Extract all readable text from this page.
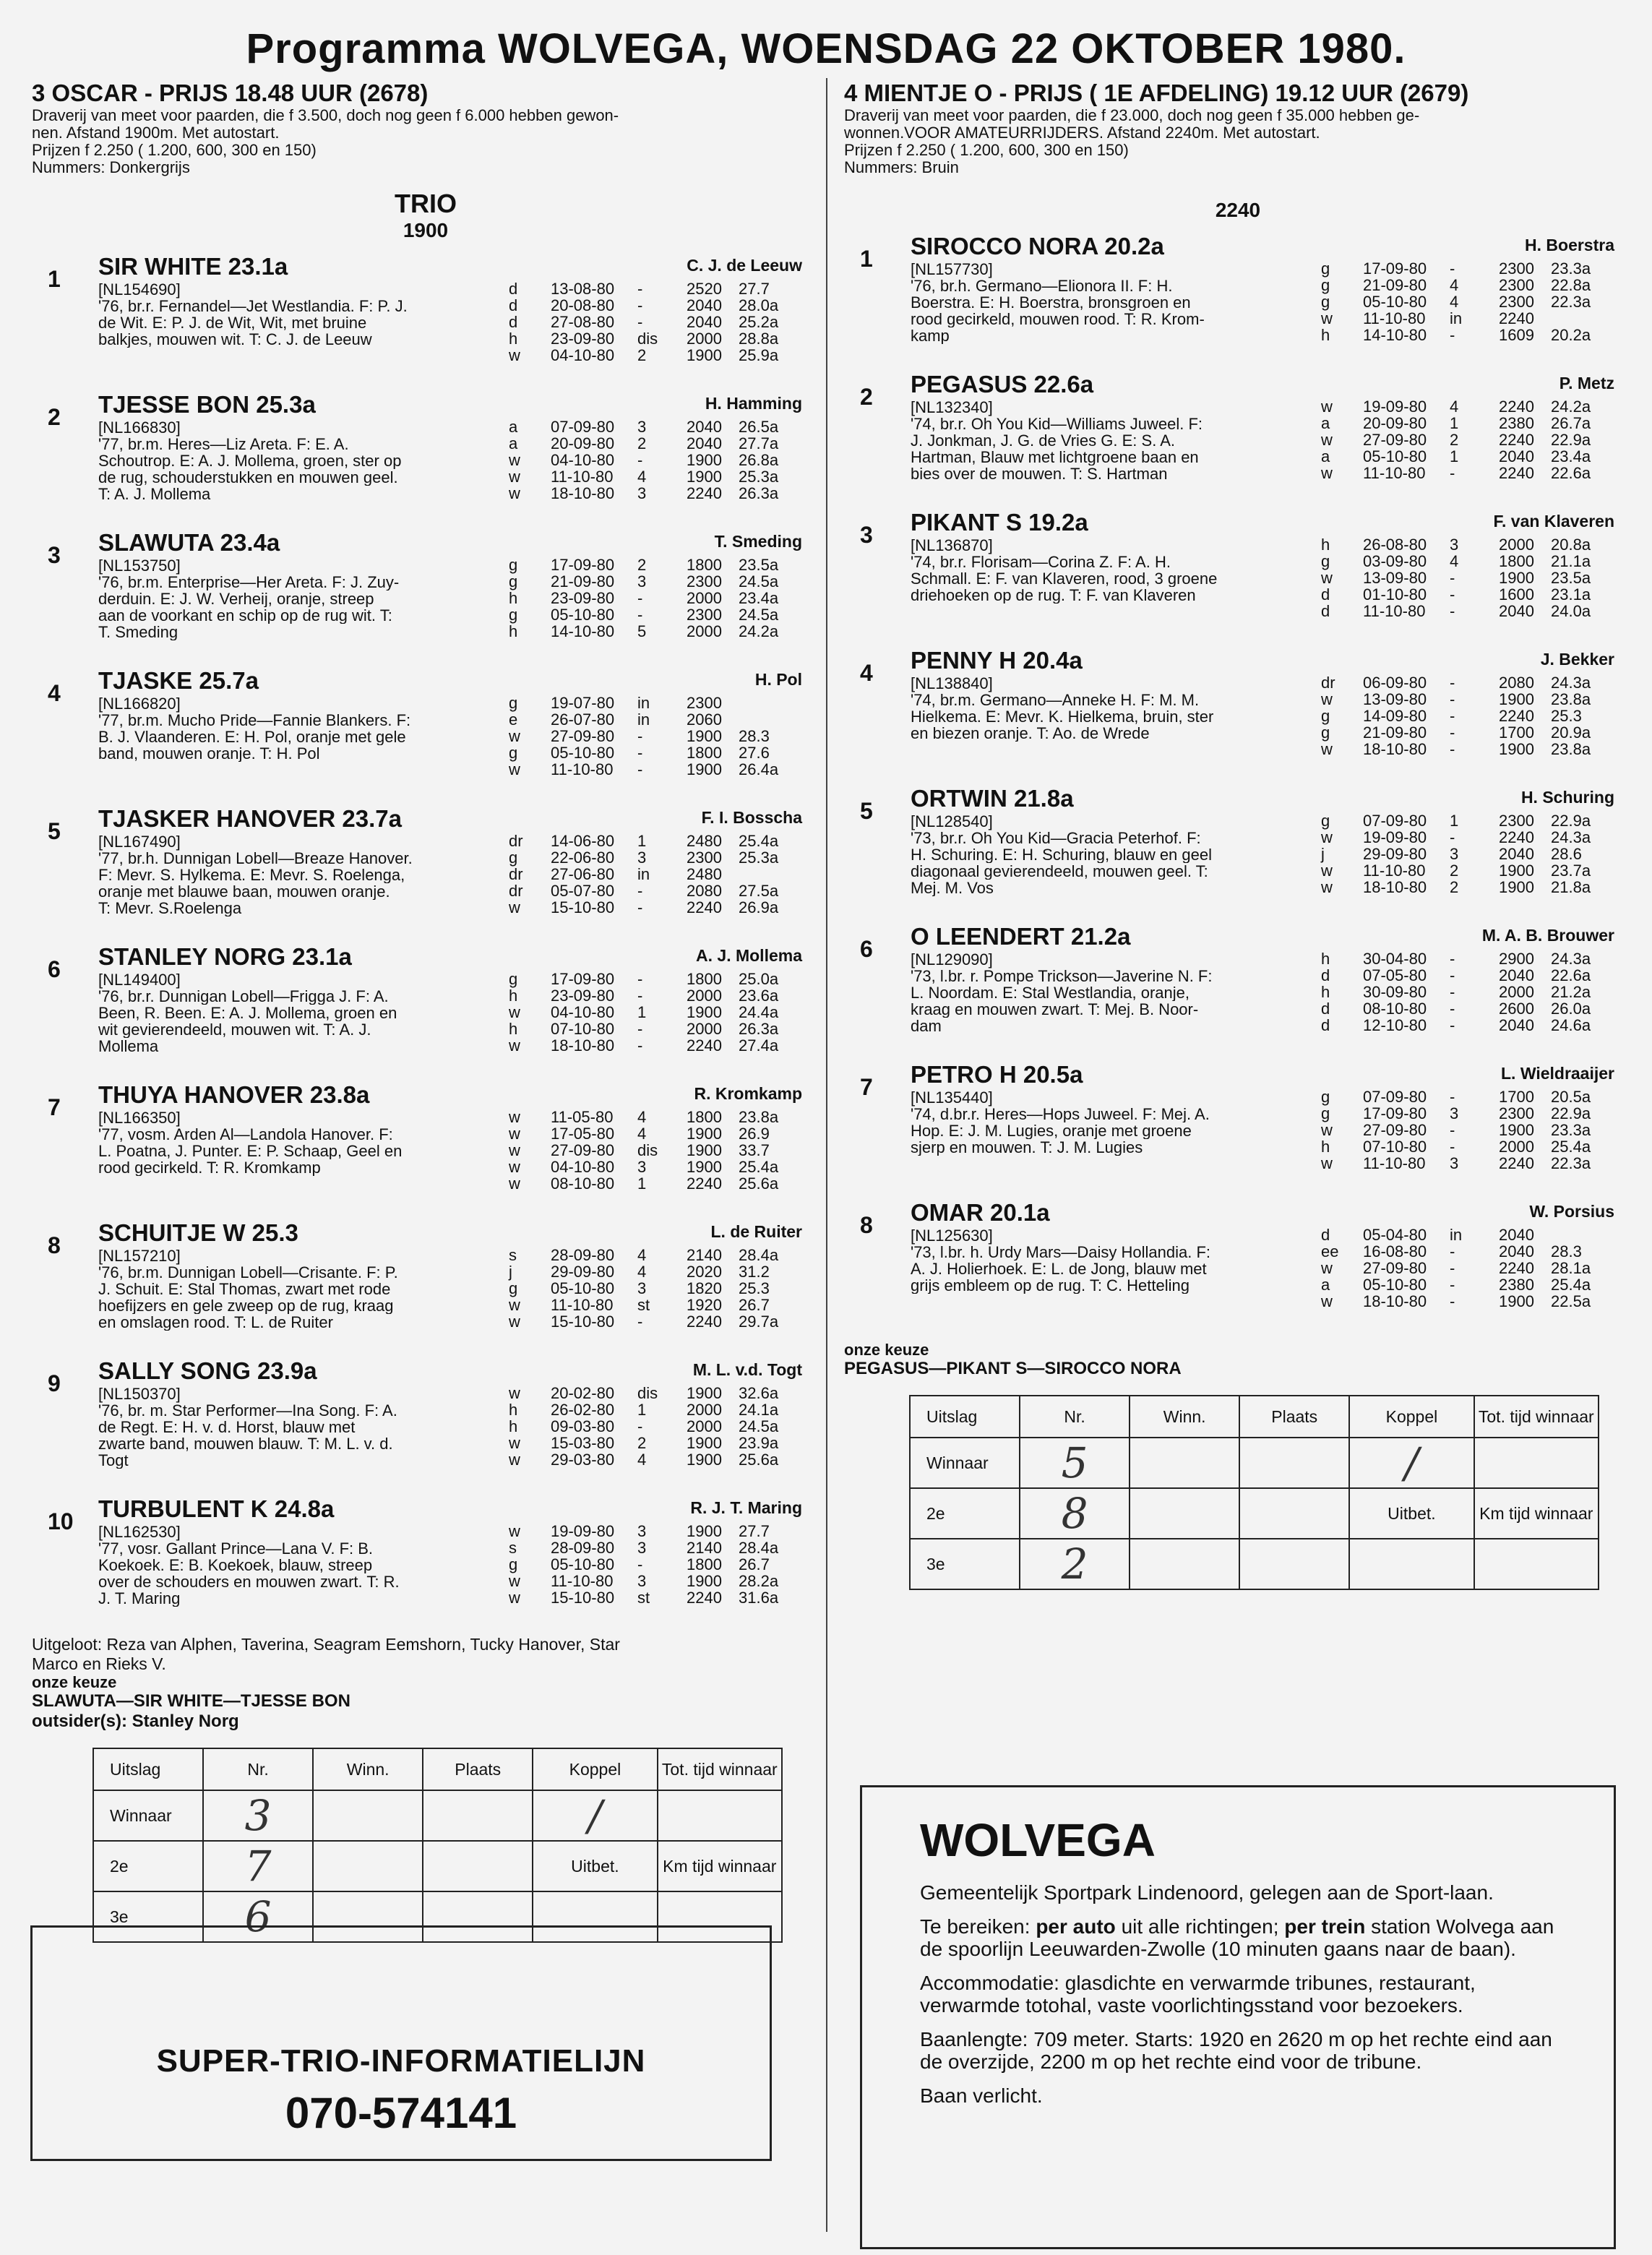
Programma WOLVEGA, WOENSDAG 22 OKTOBER 1980.
3 OSCAR - PRIJS 18.48 UUR (2678)
Draverij van meet voor paarden, die f 3.500, doch nog geen f 6.000 hebben gewon-
nen. Afstand 1900m. Met autostart.
Prijzen f 2.250 ( 1.200, 600, 300 en 150)
Nummers: Donkergrijs
TRIO
1900
1 SIR WHITE 23.1a	C. J. de Leeuw
[NL154690]
'76, br.r. Fernandel—Jet Westlandia. F: P. J.
de Wit. E: P. J. de Wit, Wit, met bruine
balkjes, mouwen wit. T: C. J. de Leeuw
d 13-08-80 -	2520 27.7
d 20-08-80 -	2040 28.0a
d 27-08-80 -	2040 25.2a
h 23-09-80 dis 2000 28.8a
w 04-10-80 2	1900 25.9a
2 TJESSE BON 25.3a	H. Hamming
[NL166830]
'77, br.m. Heres—Liz Areta. F: E. A.
Schoutrop. E: A. J. Mollema, groen, ster op
de rug, schouderstukken en mouwen geel.
T: A. J. Mollema
a 07-09-80 3	2040 26.5a
a 20-09-80 2	2040 27.7a
w 04-10-80 -	1900 26.8a
w 11-10-80 4	1900 25.3a
w 18-10-80 3	2240 26.3a
3 SLAWUTA 23.4a	T. Smeding
[NL153750]
'76, br.m. Enterprise—Her Areta. F: J. Zuy-
derduin. E: J. W. Verheij, oranje, streep
aan de voorkant en schip op de rug wit. T:
T. Smeding
g 17-09-80 2	1800 23.5a
g 21-09-80 3	2300 24.5a
h 23-09-80 -	2000 23.4a
g 05-10-80 -	2300 24.5a
h 14-10-80 5	2000 24.2a
4 TJASKE 25.7a	H. Pol
[NL166820]
'77, br.m. Mucho Pride—Fannie Blankers. F:
B. J. Vlaanderen. E: H. Pol, oranje met gele
band, mouwen oranje. T: H. Pol
g 19-07-80 in 2300
e 26-07-80 in 2060
w 27-09-80 -	1900 28.3
g 05-10-80 -	1800 27.6
w 11-10-80 -	1900 26.4a
5 TJASKER HANOVER 23.7a	F. I. Bosscha
[NL167490]
'77, br.h. Dunnigan Lobell—Breaze Hanover.
F: Mevr. S. Hylkema. E: Mevr. S. Roelenga,
oranje met blauwe baan, mouwen oranje.
T: Mevr. S.Roelenga
dr 14-06-80 1	2480 25.4a
g 22-06-80 3	2300 25.3a
dr 27-06-80 in 2480
dr 05-07-80 -	2080 27.5a
w 15-10-80 -	2240 26.9a
6 STANLEY NORG 23.1a	A. J. Mollema
[NL149400]
'76, br.r. Dunnigan Lobell—Frigga J. F: A.
Been, R. Been. E: A. J. Mollema, groen en
wit gevierendeeld, mouwen wit. T: A. J.
Mollema
g 17-09-80 -	1800 25.0a
h 23-09-80 -	2000 23.6a
w 04-10-80 1	1900 24.4a
h 07-10-80 -	2000 26.3a
w 18-10-80 -	2240 27.4a
7 THUYA HANOVER 23.8a	R. Kromkamp
[NL166350]
'77, vosm. Arden Al—Landola Hanover. F:
L. Poatna, J. Punter. E: P. Schaap, Geel en
rood gecirkeld. T: R. Kromkamp
w 11-05-80 4	1800 23.8a
w 17-05-80 4	1900 26.9
w 27-09-80 dis 1900 33.7
w 04-10-80 3	1900 25.4a
w 08-10-80 1	2240 25.6a
8 SCHUITJE W 25.3	L. de Ruiter
[NL157210]
'76, br.m. Dunnigan Lobell—Crisante. F: P.
J. Schuit. E: Stal Thomas, zwart met rode
hoefijzers en gele zweep op de rug, kraag
en omslagen rood. T: L. de Ruiter
s 28-09-80 4	2140 28.4a
j 29-09-80 4	2020 31.2
g 05-10-80 3	1820 25.3
w 11-10-80 st 1920 26.7
w 15-10-80 -	2240 29.7a
9 SALLY SONG 23.9a	M. L. v.d. Togt
[NL150370]
'76, br. m. Star Performer—Ina Song. F: A.
de Regt. E: H. v. d. Horst, blauw met
zwarte band, mouwen blauw. T: M. L. v. d.
Togt
w 20-02-80 dis 1900 32.6a
h 26-02-80 1	2000 24.1a
h 09-03-80 -	2000 24.5a
w 15-03-80 2	1900 23.9a
w 29-03-80 4	1900 25.6a
10 TURBULENT K 24.8a	R. J. T. Maring
[NL162530]
'77, vosr. Gallant Prince—Lana V. F: B.
Koekoek. E: B. Koekoek, blauw, streep
over de schouders en mouwen zwart. T: R.
J. T. Maring
w 19-09-80 3	1900 27.7
s 28-09-80 3	2140 28.4a
g 05-10-80 -	1800 26.7
w 11-10-80 3	1900 28.2a
w 15-10-80 st 2240 31.6a
Uitgeloot: Reza van Alphen, Taverina, Seagram Eemshorn, Tucky Hanover, Star
Marco en Rieks V.
onze keuze
SLAWUTA—SIR WHITE—TJESSE BON
outsider(s): Stanley Norg
Uitslag	Nr.	Winn.	Plaats	Koppel	Tot. tijd winnaar
Winnaar	3			/	
2e	7			Uitbet.	Km tijd winnaar
3e	6				
4 MIENTJE O - PRIJS ( 1E AFDELING) 19.12 UUR (2679)
Draverij van meet voor paarden, die f 23.000, doch nog geen f 35.000 hebben ge-
wonnen.VOOR AMATEURRIJDERS. Afstand 2240m. Met autostart.
Prijzen f 2.250 ( 1.200, 600, 300 en 150)
Nummers: Bruin
2240
1 SIROCCO NORA 20.2a	H. Boerstra
[NL157730]
'76, br.h. Germano—Elionora II. F: H.
Boerstra. E: H. Boerstra, bronsgroen en
rood gecirkeld, mouwen rood. T: R. Krom-
kamp
g 17-09-80 -	2300 23.3a
g 21-09-80 4	2300 22.8a
g 05-10-80 4	2300 22.3a
w 11-10-80 in 2240
h 14-10-80 -	1609 20.2a
2 PEGASUS 22.6a	P. Metz
[NL132340]
'74, br.r. Oh You Kid—Williams Juweel. F:
J. Jonkman, J. G. de Vries G. E: S. A.
Hartman, Blauw met lichtgroene baan en
bies over de mouwen. T: S. Hartman
w 19-09-80 4	2240 24.2a
a 20-09-80 1	2380 26.7a
w 27-09-80 2	2240 22.9a
a 05-10-80 1	2040 23.4a
w 11-10-80 -	2240 22.6a
3 PIKANT S 19.2a	F. van Klaveren
[NL136870]
'74, br.r. Florisam—Corina Z. F: A. H.
Schmall. E: F. van Klaveren, rood, 3 groene
driehoeken op de rug. T: F. van Klaveren
h 26-08-80 3	2000 20.8a
g 03-09-80 4	1800 21.1a
w 13-09-80 -	1900 23.5a
d 01-10-80 -	1600 23.1a
d 11-10-80 -	2040 24.0a
4 PENNY H 20.4a	J. Bekker
[NL138840]
'74, br.m. Germano—Anneke H. F: M. M.
Hielkema. E: Mevr. K. Hielkema, bruin, ster
en biezen oranje. T: Ao. de Wrede
dr 06-09-80 -	2080 24.3a
w 13-09-80 -	1900 23.8a
g 14-09-80 -	2240 25.3
g 21-09-80 -	1700 20.9a
w 18-10-80 -	1900 23.8a
5 ORTWIN 21.8a	H. Schuring
[NL128540]
'73, br.r. Oh You Kid—Gracia Peterhof. F:
H. Schuring. E: H. Schuring, blauw en geel
diagonaal gevierendeeld, mouwen geel. T:
Mej. M. Vos
g 07-09-80 1	2300 22.9a
w 19-09-80 -	2240 24.3a
j 29-09-80 3	2040 28.6
w 11-10-80 2	1900 23.7a
w 18-10-80 2	1900 21.8a
6 O LEENDERT 21.2a	M. A. B. Brouwer
[NL129090]
'73, l.br. r. Pompe Trickson—Javerine N. F:
L. Noordam. E: Stal Westlandia, oranje,
kraag en mouwen zwart. T: Mej. B. Noor-
dam
h 30-04-80 -	2900 24.3a
d 07-05-80 -	2040 22.6a
h 30-09-80 -	2000 21.2a
d 08-10-80 -	2600 26.0a
d 12-10-80 -	2040 24.6a
7 PETRO H 20.5a	L. Wieldraaijer
[NL135440]
'74, d.br.r. Heres—Hops Juweel. F: Mej. A.
Hop. E: J. M. Lugies, oranje met groene
sjerp en mouwen. T: J. M. Lugies
g 07-09-80 -	1700 20.5a
g 17-09-80 3	2300 22.9a
w 27-09-80 -	1900 23.3a
h 07-10-80 -	2000 25.4a
w 11-10-80 3	2240 22.3a
8 OMAR 20.1a	W. Porsius
[NL125630]
'73, l.br. h. Urdy Mars—Daisy Hollandia. F:
A. J. Holierhoek. E: L. de Jong, blauw met
grijs embleem op de rug. T: C. Hetteling
d 05-04-80 in 2040
ee 16-08-80 -	2040 28.3
w 27-09-80 -	2240 28.1a
a 05-10-80 -	2380 25.4a
w 18-10-80 -	1900 22.5a
onze keuze
PEGASUS—PIKANT S—SIROCCO NORA
Uitslag	Nr.	Winn.	Plaats	Koppel	Tot. tijd winnaar
Winnaar	5			/	
2e	8			Uitbet.	Km tijd winnaar
3e	2				
SUPER-TRIO-INFORMATIELIJN
070-574141
WOLVEGA

Gemeentelijk Sportpark Lindenoord, gelegen aan de Sport-laan.

Te bereiken: per auto uit alle richtingen; per trein station Wolvega aan de spoorlijn Leeuwarden-Zwolle (10 minuten gaans naar de baan).

Accommodatie: glasdichte en verwarmde tribunes, restaurant, verwarmde totohal, vaste voorlichtingsstand voor bezoekers.

Baanlengte: 709 meter. Starts: 1920 en 2620 m op het rechte eind aan de overzijde, 2200 m op het rechte eind voor de tribune.

Baan verlicht.
